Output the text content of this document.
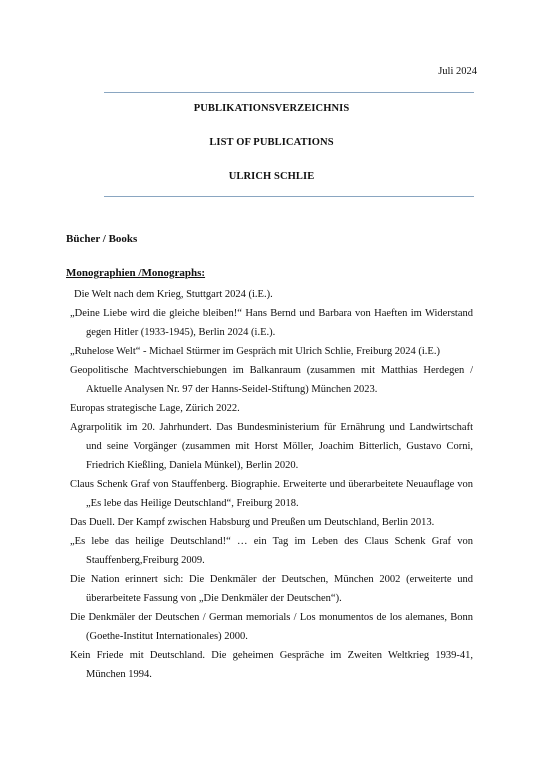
Juli 2024
PUBLIKATIONSVERZEICHNIS
LIST OF PUBLICATIONS
ULRICH SCHLIE
Bücher / Books
Monographien /Monographs:
Die Welt nach dem Krieg, Stuttgart 2024 (i.E.).
„Deine Liebe wird die gleiche bleiben!“ Hans Bernd und Barbara von Haeften im Widerstand gegen Hitler (1933-1945), Berlin 2024 (i.E.).
„Ruhelose Welt“ - Michael Stürmer im Gespräch mit Ulrich Schlie, Freiburg 2024 (i.E.)
Geopolitische Machtverschiebungen im Balkanraum (zusammen mit Matthias Herdegen / Aktuelle Analysen Nr. 97 der Hanns-Seidel-Stiftung) München 2023.
Europas strategische Lage, Zürich 2022.
Agrarpolitik im 20. Jahrhundert. Das Bundesministerium für Ernährung und Landwirtschaft und seine Vorgänger (zusammen mit Horst Möller, Joachim Bitterlich, Gustavo Corni, Friedrich Kießling, Daniela Münkel), Berlin 2020.
Claus Schenk Graf von Stauffenberg. Biographie. Erweiterte und überarbeitete Neuauflage von „Es lebe das Heilige Deutschland“, Freiburg 2018.
Das Duell. Der Kampf zwischen Habsburg und Preußen um Deutschland, Berlin 2013.
„Es lebe das heilige Deutschland!“ … ein Tag im Leben des Claus Schenk Graf von Stauffenberg,Freiburg 2009.
Die Nation erinnert sich: Die Denkmäler der Deutschen, München 2002 (erweiterte und überarbeitete Fassung von „Die Denkmäler der Deutschen“).
Die Denkmäler der Deutschen / German memorials / Los monumentos de los alemanes, Bonn (Goethe-Institut Internationales) 2000.
Kein Friede mit Deutschland. Die geheimen Gespräche im Zweiten Weltkrieg 1939-41, München 1994.
